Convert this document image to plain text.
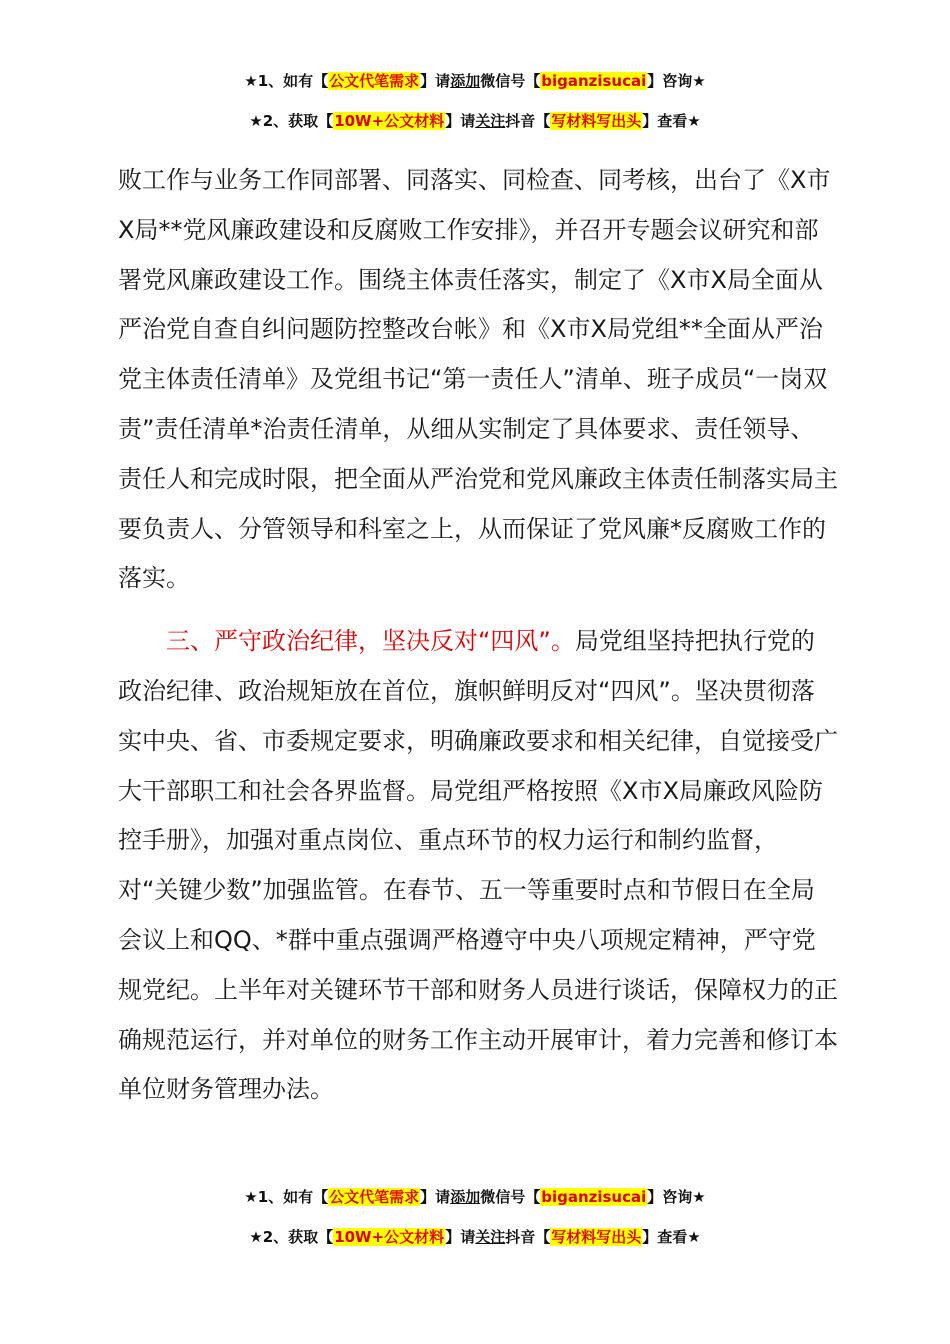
★1、如有【公文代笔需求】请添加微信号【biganzisucai】咨询★
★2、获取【10W+公文材料】请关注抖音【写材料写出头】查看★

败工作与业务工作同部署、同落实、同检查、同考核，出台了《X市X局**党风廉政建设和反腐败工作安排》，并召开专题会议研究和部署党风廉政建设工作。围绕主体责任落实，制定了《X市X局全面从严治党自查自纠问题防控整改台帐》和《X市X局党组**全面从严治党主体责任清单》及党组书记“第一责任人”清单、班子成员“一岗双责”责任清单*治责任清单，从细从实制定了具体要求、责任领导、责任人和完成时限，把全面从严治党和党风廉政主体责任制落实局主要负责人、分管领导和科室之上，从而保证了党风廉*反腐败工作的落实。

三、严守政治纪律，坚决反对“四风”。局党组坚持把执行党的政治纪律、政治规矩放在首位，旗帜鲜明反对“四风”。坚决贯彻落实中央、省、市委规定要求，明确廉政要求和相关纪律，自觉接受广大干部职工和社会各界监督。局党组严格按照《X市X局廉政风险防控手册》，加强对重点岗位、重点环节的权力运行和制约监督，对“关键少数”加强监管。在春节、五一等重要时点和节假日在全局会议上和QQ、*群中重点强调严格遵守中央八项规定精神，严守党规党纪。上半年对关键环节干部和财务人员进行谈话，保障权力的正确规范运行，并对单位的财务工作主动开展审计，着力完善和修订本单位财务管理办法。

★1、如有【公文代笔需求】请添加微信号【biganzisucai】咨询★
★2、获取【10W+公文材料】请关注抖音【写材料写出头】查看★
